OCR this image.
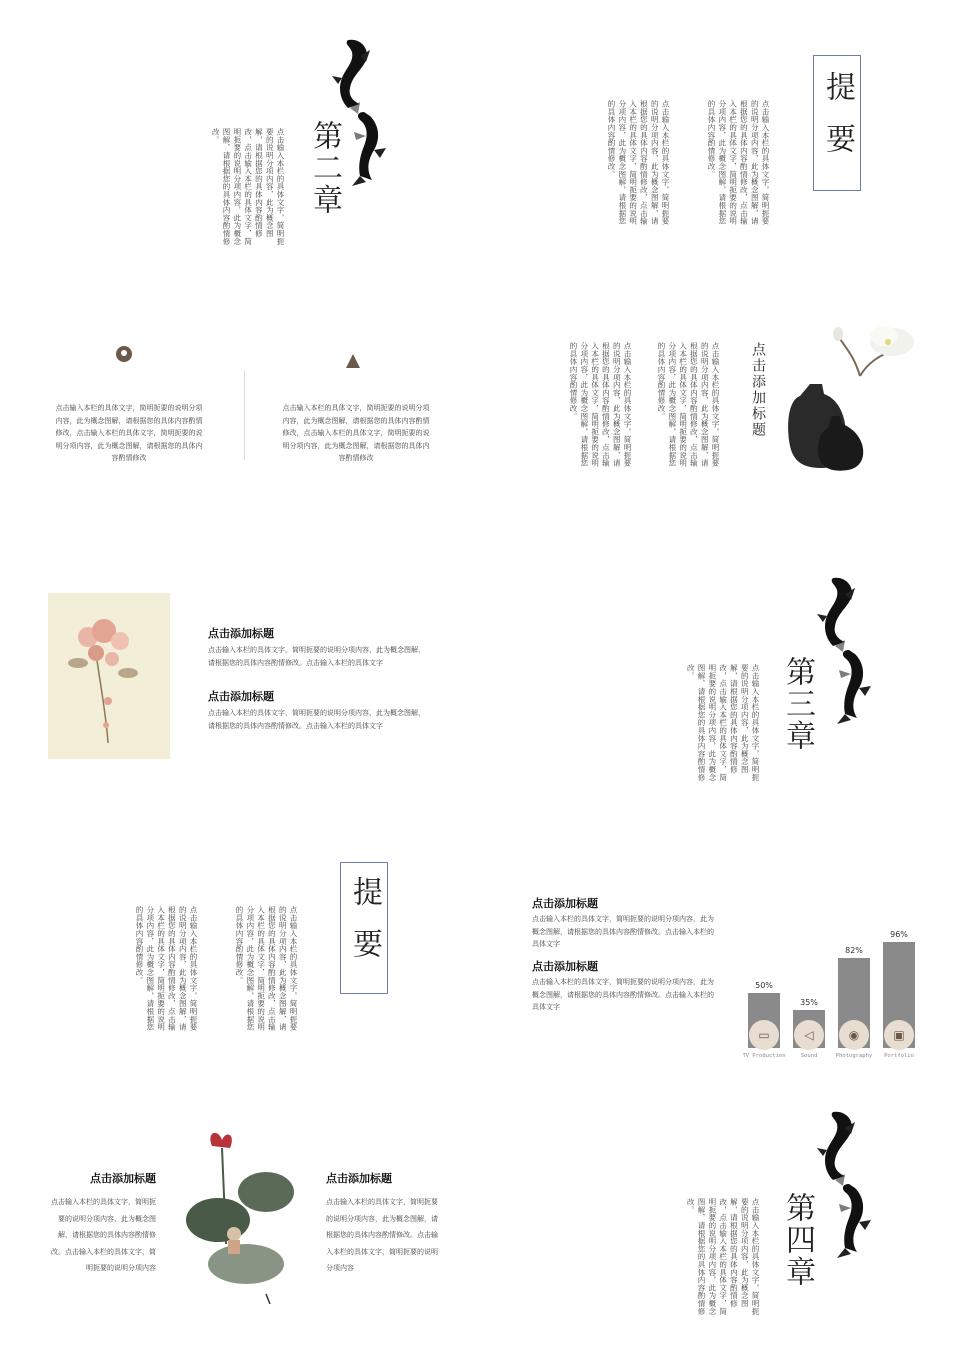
点击输入本栏的具体文字，简明扼要的说明分项内容，此为概念图解，请根据您的具体内容酌情修改，点击输入本栏的具体文字，简明扼要的说明分项内容，此为概念图解，请根据您的具体内容酌情修改。	第二章	点击输入本栏的具体文字，简明扼要的说明分项内容，此为概念图解，请根据您的具体内容酌情修改，点击输入本栏的具体文字，简明扼要的说明分项内容，此为概念图解，请根据您的具体内容酌情修改。	点击输入本栏的具体文字，简明扼要的说明分项内容，此为概念图解，请根据您的具体内容酌情修改，点击输入本栏的具体文字，简明扼要的说明分项内容，此为概念图解，请根据您的具体内容酌情修改。	提要
点击输入本栏的具体文字，简明扼要的说明分项内容，此为概念图解，请根据您的具体内容酌情修改，点击输入本栏的具体文字，简明扼要的说明分项内容，此为概念图解，请根据您的具体内容酌情修改
点击输入本栏的具体文字，简明扼要的说明分项内容，此为概念图解，请根据您的具体内容酌情修改，点击输入本栏的具体文字，简明扼要的说明分项内容，此为概念图解，请根据您的具体内容酌情修改	点击输入本栏的具体文字，简明扼要的说明分项内容，此为概念图解，请根据您的具体内容酌情修改，点击输入本栏的具体文字，简明扼要的说明分项内容，此为概念图解，请根据您的具体内容酌情修改。	点击输入本栏的具体文字，简明扼要的说明分项内容，此为概念图解，请根据您的具体内容酌情修改，点击输入本栏的具体文字，简明扼要的说明分项内容，此为概念图解，请根据您的具体内容酌情修改。	点击添加标题
点击添加标题
点击输入本栏的具体文字，简明扼要的说明分项内容，此为概念图解，请根据您的具体内容酌情修改。点击输入本栏的具体文字
点击添加标题
点击输入本栏的具体文字，简明扼要的说明分项内容，此为概念图解，请根据您的具体内容酌情修改。点击输入本栏的具体文字	点击输入本栏的具体文字，简明扼要的说明分项内容，此为概念图解，请根据您的具体内容酌情修改，点击输入本栏的具体文字，简明扼要的说明分项内容，此为概念图解，请根据您的具体内容酌情修改。	第三章
点击输入本栏的具体文字，简明扼要的说明分项内容，此为概念图解，请根据您的具体内容酌情修改，点击输入本栏的具体文字，简明扼要的说明分项内容，此为概念图解，请根据您的具体内容酌情修改。	点击输入本栏的具体文字，简明扼要的说明分项内容，此为概念图解，请根据您的具体内容酌情修改，点击输入本栏的具体文字，简明扼要的说明分项内容，此为概念图解，请根据您的具体内容酌情修改。	提要	点击添加标题
点击输入本栏的具体文字，简明扼要的说明分项内容，此为概念图解，请根据您的具体内容酌情修改。点击输入本栏的具体文字
点击添加标题
点击输入本栏的具体文字，简明扼要的说明分项内容，此为概念图解，请根据您的具体内容酌情修改。点击输入本栏的具体文字
50%
▭
TV Production
35%
◁
Sound
82%
◉
Photography
96%
▣
Portfolio
点击添加标题
点击输入本栏的具体文字，简明扼要的说明分项内容，此为概念图解，请根据您的具体内容酌情修改。点击输入本栏的具体文字，简明扼要的说明分项内容
点击添加标题
点击输入本栏的具体文字，简明扼要的说明分项内容，此为概念图解，请根据您的具体内容酌情修改。点击输入本栏的具体文字，简明扼要的说明分项内容	点击输入本栏的具体文字，简明扼要的说明分项内容，此为概念图解，请根据您的具体内容酌情修改，点击输入本栏的具体文字，简明扼要的说明分项内容，此为概念图解，请根据您的具体内容酌情修改。	第四章
